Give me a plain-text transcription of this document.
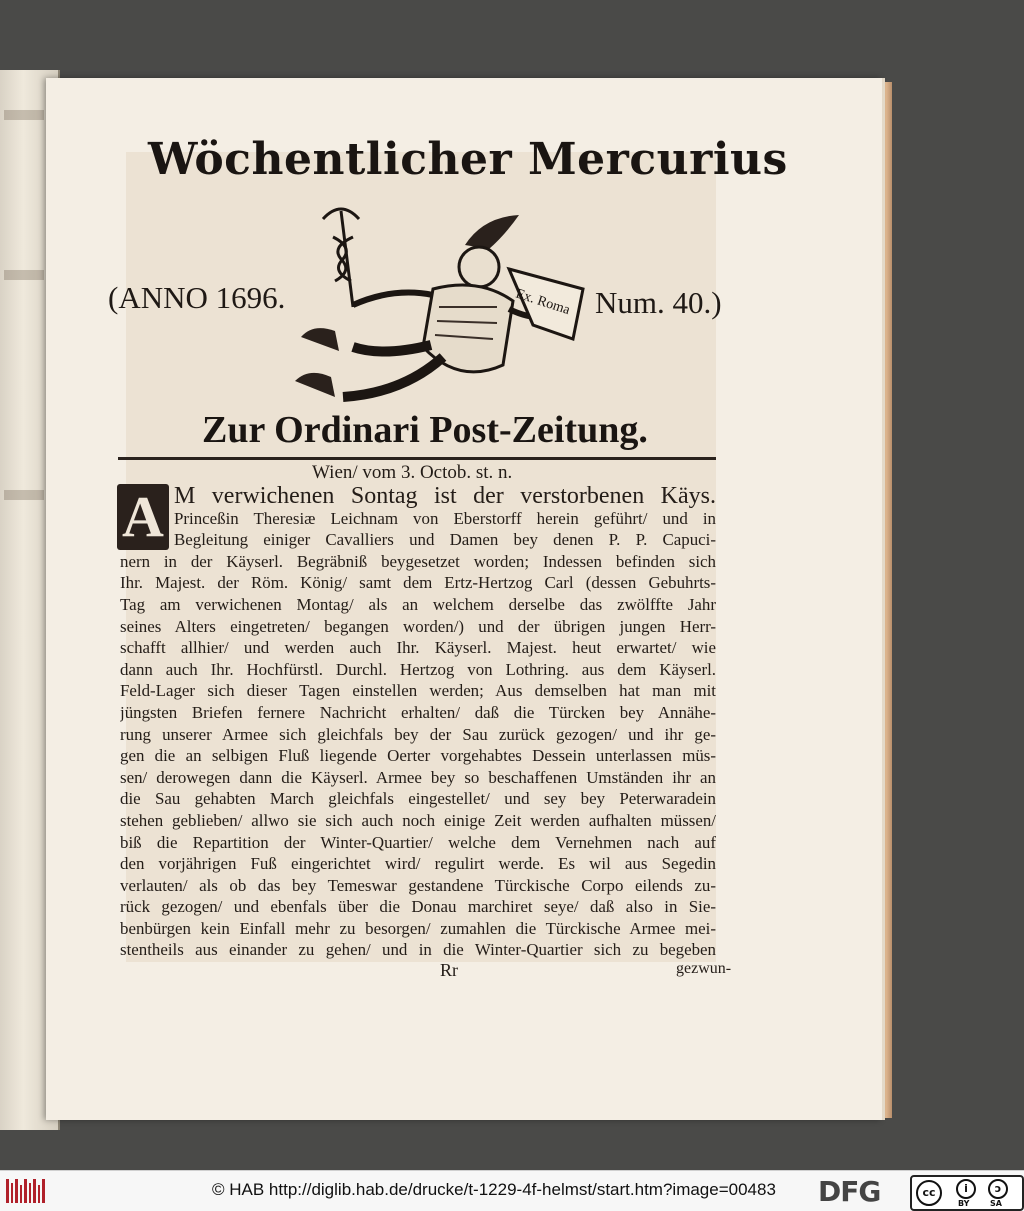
Wöchentlicher Mercurius
(ANNO 1696.	Num. 40.)
Ex. Roma
Zur Ordinari Post-Zeitung.
Wien/ vom 3. Octob. st. n.
A M verwichenen Sontag ist der verstorbenen Käys.
Princeßin Theresiæ Leichnam von Eberstorff herein geführt/ und in
Begleitung einiger Cavalliers und Damen bey denen P. P. Capuci-
nern in der Käyserl. Begräbniß beygesetzet worden; Indessen befinden sich
Ihr. Majest. der Röm. König/ samt dem Ertz-Hertzog Carl (dessen Gebuhrts-
Tag am verwichenen Montag/ als an welchem derselbe das zwölffte Jahr
seines Alters eingetreten/ begangen worden/) und der übrigen jungen Herr-
schafft allhier/ und werden auch Ihr. Käyserl. Majest. heut erwartet/ wie
dann auch Ihr. Hochfürstl. Durchl. Hertzog von Lothring. aus dem Käyserl.
Feld-Lager sich dieser Tagen einstellen werden; Aus demselben hat man mit
jüngsten Briefen fernere Nachricht erhalten/ daß die Türcken bey Annähe-
rung unserer Armee sich gleichfals bey der Sau zurück gezogen/ und ihr ge-
gen die an selbigen Fluß liegende Oerter vorgehabtes Dessein unterlassen müs-
sen/ derowegen dann die Käyserl. Armee bey so beschaffenen Umständen ihr an
die Sau gehabten March gleichfals eingestellet/ und sey bey Peterwaradein
stehen geblieben/ allwo sie sich auch noch einige Zeit werden aufhalten müssen/
biß die Repartition der Winter-Quartier/ welche dem Vernehmen nach auf
den vorjährigen Fuß eingerichtet wird/ regulirt werde. Es wil aus Segedin
verlauten/ als ob das bey Temeswar gestandene Türckische Corpo eilends zu-
rück gezogen/ und ebenfals über die Donau marchiret seye/ daß also in Sie-
benbürgen kein Einfall mehr zu besorgen/ zumahlen die Türckische Armee mei-
stentheils aus einander zu gehen/ und in die Winter-Quartier sich zu begeben
Rr	gezwun-
© HAB http://diglib.hab.de/drucke/t-1229-4f-helmst/start.htm?image=00483 DFG	cc	i	ↄ
BY	SA
